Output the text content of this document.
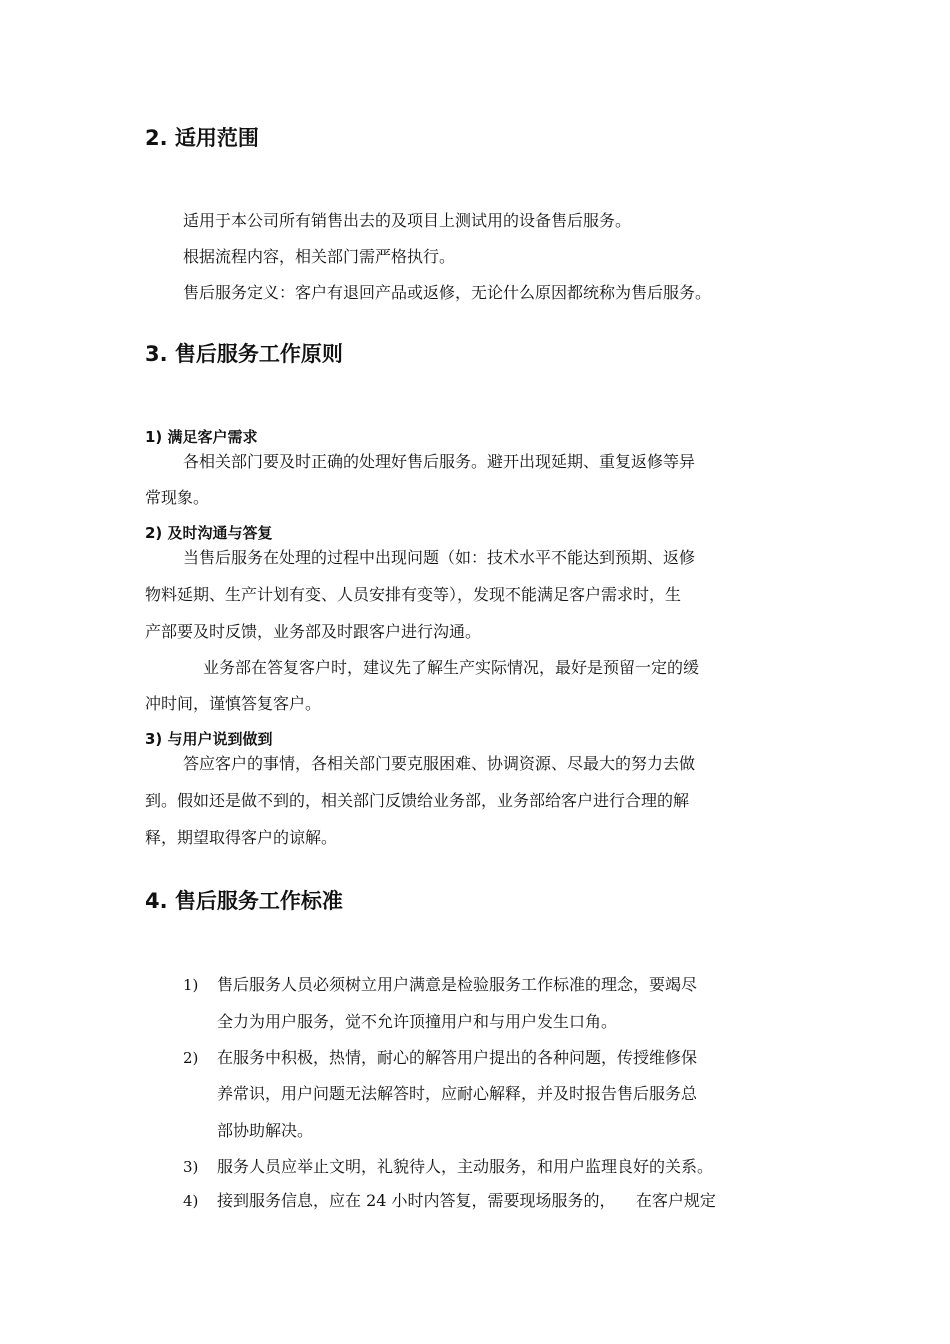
2. 适用范围
适用于本公司所有销售出去的及项目上测试用的设备售后服务。
根据流程内容，相关部门需严格执行。
售后服务定义：客户有退回产品或返修，无论什么原因都统称为售后服务。
3. 售后服务工作原则
1) 满足客户需求
各相关部门要及时正确的处理好售后服务。避开出现延期、重复返修等异
常现象。
2) 及时沟通与答复
当售后服务在处理的过程中出现问题（如：技术水平不能达到预期、返修
物料延期、生产计划有变、人员安排有变等），发现不能满足客户需求时，生
产部要及时反馈，业务部及时跟客户进行沟通。
业务部在答复客户时，建议先了解生产实际情况，最好是预留一定的缓
冲时间，谨慎答复客户。
3) 与用户说到做到
答应客户的事情，各相关部门要克服困难、协调资源、尽最大的努力去做
到。假如还是做不到的，相关部门反馈给业务部，业务部给客户进行合理的解
释，期望取得客户的谅解。
4. 售后服务工作标准
1) 售后服务人员必须树立用户满意是检验服务工作标准的理念，要竭尽
全力为用户服务，觉不允许顶撞用户和与用户发生口角。
2) 在服务中积极，热情，耐心的解答用户提出的各种问题，传授维修保
养常识，用户问题无法解答时，应耐心解释，并及时报告售后服务总
部协助解决。
3) 服务人员应举止文明，礼貌待人，主动服务，和用户监理良好的关系。
4) 接到服务信息，应在 24 小时内答复，需要现场服务的，    在客户规定
